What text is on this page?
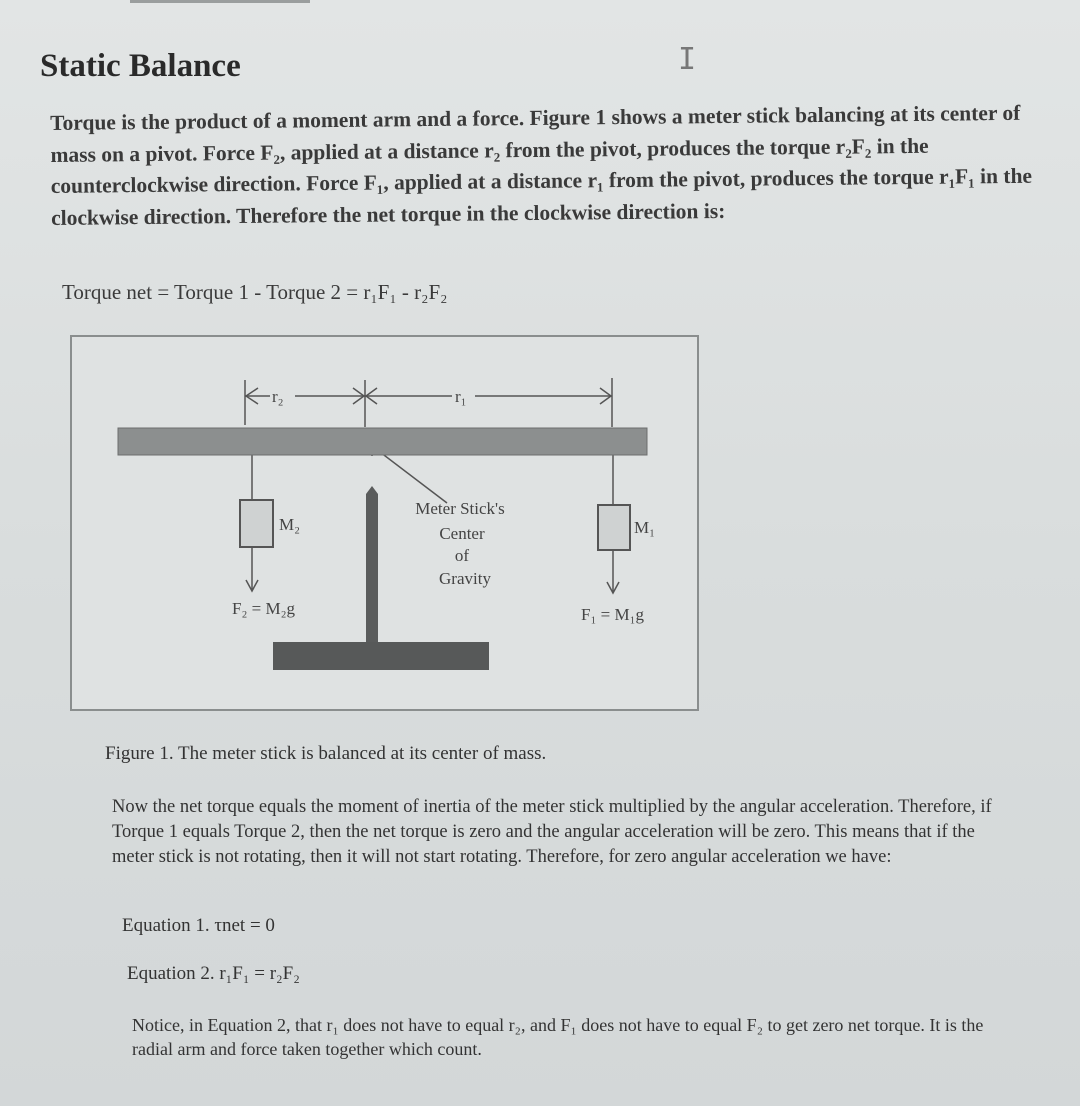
Static Balance	I
Torque is the product of a moment arm and a force. Figure 1 shows a meter stick balancing at its center of mass on a pivot. Force F₂, applied at a distance r₂ from the pivot, produces the torque r₂F₂ in the counterclockwise direction. Force F₁, applied at a distance r₁ from the pivot, produces the torque r₁F₁ in the clockwise direction. Therefore the net torque in the clockwise direction is:
Torque net = Torque 1 - Torque 2 = r₁F₁ - r₂F₂
r₂	r₁
M₂	M₁
F₂ = M₂g	F₁ = M₁g
Meter Stick's
Center
of
Gravity
Figure 1. The meter stick is balanced at its center of mass.
Now the net torque equals the moment of inertia of the meter stick multiplied by the angular acceleration. Therefore, if Torque 1 equals Torque 2, then the net torque is zero and the angular acceleration will be zero. This means that if the meter stick is not rotating, then it will not start rotating. Therefore, for zero angular acceleration we have:
Equation 1. τnet = 0
Equation 2. r₁F₁ = r₂F₂
Notice, in Equation 2, that r₁ does not have to equal r₂, and F₁ does not have to equal F₂ to get zero net torque. It is the radial arm and force taken together which count.
